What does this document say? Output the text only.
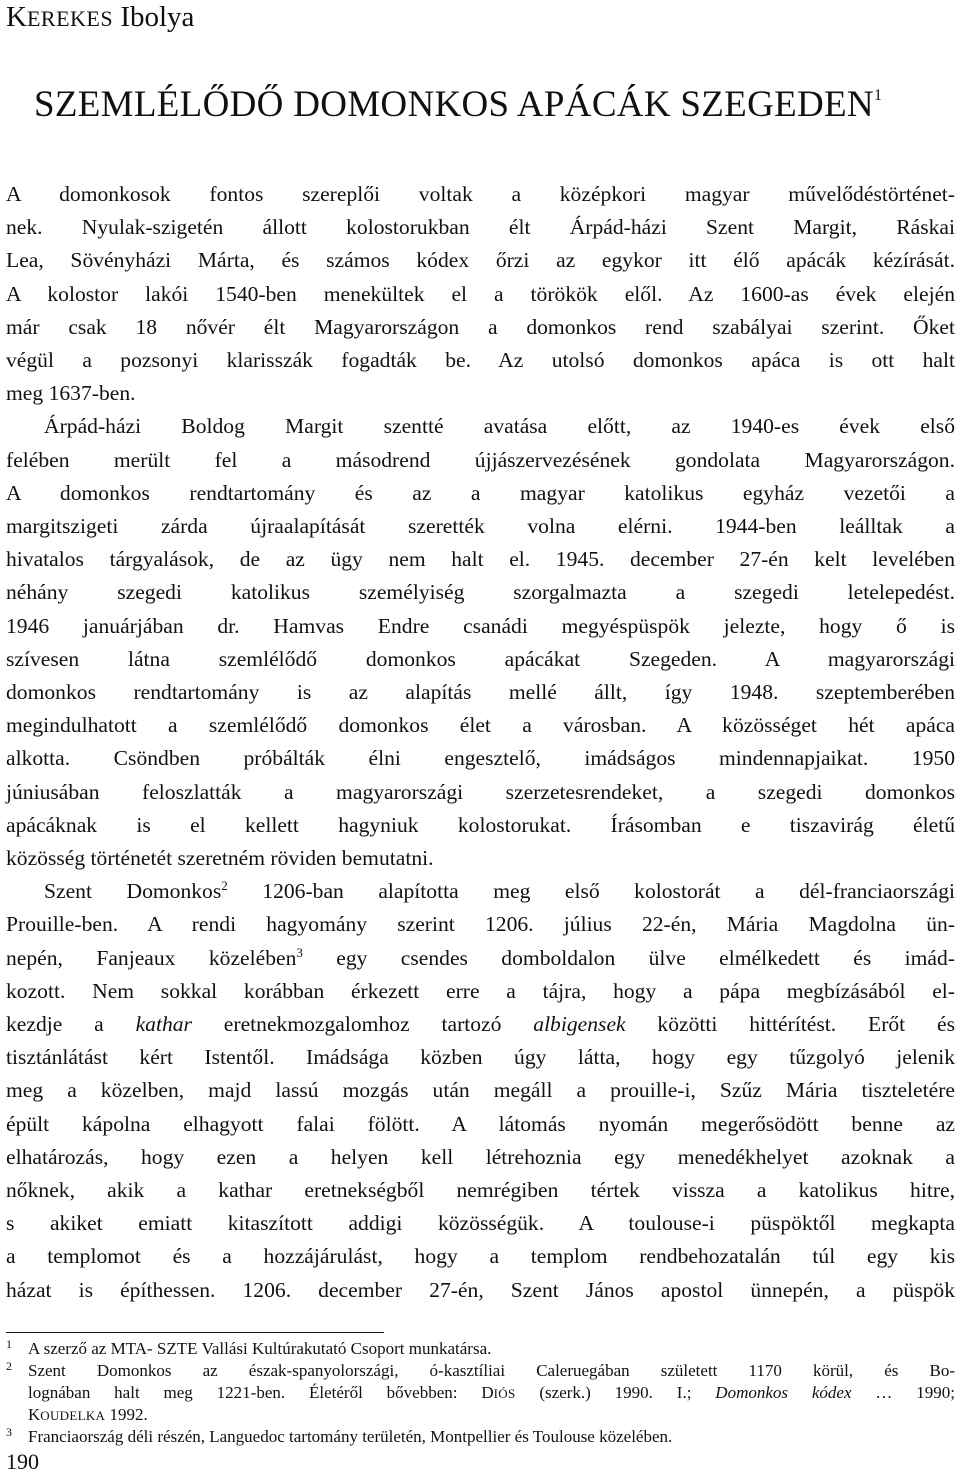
KEREKES Ibolya
SZEMLÉLŐDŐ DOMONKOS APÁCÁK SZEGEDEN$^1$
A domonkosok fontos szereplői voltak a középkori magyar művelődéstörténet-
nek. Nyulak-szigetén állott kolostorukban élt Árpád-házi Szent Margit, Ráskai
Lea, Sövényházi Márta, és számos kódex őrzi az egykor itt élő apácák kézírását.
A kolostor lakói 1540-ben menekültek el a törökök elől. Az 1600-as évek elején
már csak 18 nővér élt Magyarországon a domonkos rend szabályai szerint. Őket
végül a pozsonyi klarisszák fogadták be. Az utolsó domonkos apáca is ott halt
meg 1637-ben.
Árpád-házi Boldog Margit szentté avatása előtt, az 1940-es évek első
felében merült fel a másodrend újjászervezésének gondolata Magyarországon.
A domonkos rendtartomány és az a magyar katolikus egyház vezetői a
margitszigeti zárda újraalapítását szerették volna elérni. 1944-ben leálltak a
hivatalos tárgyalások, de az ügy nem halt el. 1945. december 27-én kelt levelében
néhány szegedi katolikus személyiség szorgalmazta a szegedi letelepedést.
1946 januárjában dr. Hamvas Endre csanádi megyéspüspök jelezte, hogy ő is
szívesen látna szemlélődő domonkos apácákat Szegeden. A magyarországi
domonkos rendtartomány is az alapítás mellé állt, így 1948. szeptemberében
megindulhatott a szemlélődő domonkos élet a városban. A közösséget hét apáca
alkotta. Csöndben próbálták élni engesztelő, imádságos mindennapjaikat. 1950
júniusában feloszlatták a magyarországi szerzetesrendeket, a szegedi domonkos
apácáknak is el kellett hagyniuk kolostorukat. Írásomban e tiszavirág életű
közösség történetét szeretném röviden bemutatni.
Szent Domonkos$^2$ 1206-ban alapította meg első kolostorát a dél-franciaországi
Prouille-ben. A rendi hagyomány szerint 1206. július 22-én, Mária Magdolna ün-
nepén, Fanjeaux közelében$^3$ egy csendes domboldalon ülve elmélkedett és imád-
kozott. Nem sokkal korábban érkezett erre a tájra, hogy a pápa megbízásából el-
kezdje a kathar eretnekmozgalomhoz tartozó albigensek közötti hittérítést. Erőt és
tisztánlátást kért Istentől. Imádsága közben úgy látta, hogy egy tűzgolyó jelenik
meg a közelben, majd lassú mozgás után megáll a prouille-i, Szűz Mária tiszteletére
épült kápolna elhagyott falai fölött. A látomás nyomán megerősödött benne az
elhatározás, hogy ezen a helyen kell létrehoznia egy menedékhelyet azoknak a
nőknek, akik a kathar eretnekségből nemrégiben tértek vissza a katolikus hitre,
s akiket emiatt kitaszított addigi közösségük. A toulouse-i püspöktől megkapta
a templomot és a hozzájárulást, hogy a templom rendbehozatalán túl egy kis
házat is építhessen. 1206. december 27-én, Szent János apostol ünnepén, a püspök
1 A szerző az MTA- SZTE Vallási Kultúrakutató Csoport munkatársa.
2 Szent Domonkos az észak-spanyolországi, ó-kasztíliai Caleruegában született 1170 körül, és Bo-
lognában halt meg 1221-ben. Életéről bővebben: DIÓS (szerk.) 1990. I.; Domonkos kódex … 1990;
KOUDELKA 1992.
3 Franciaország déli részén, Languedoc tartomány területén, Montpellier és Toulouse közelében.
190
